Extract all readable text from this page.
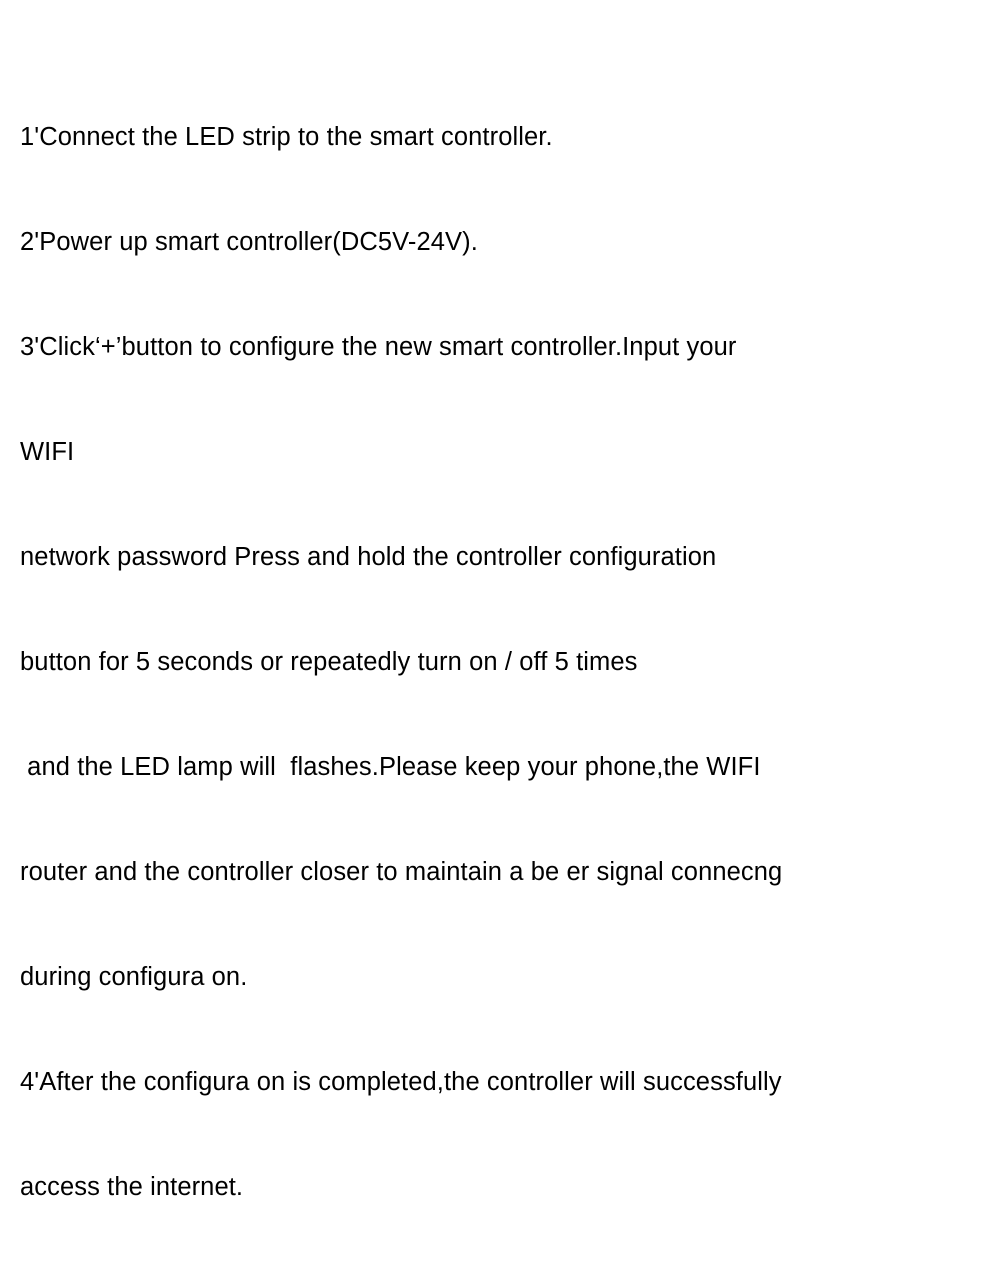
1'Connect the LED strip to the smart controller.

2'Power up smart controller(DC5V-24V).

3'Click‘+’button to configure the new smart controller.Input your

WIFI

network password Press and hold the controller configuration

button for 5 seconds or repeatedly turn on / off 5 times

and the LED lamp will  flashes.Please keep your phone,the WIFI

router and the controller closer to maintain a be er signal connecng

during configura on.

4'After the configura on is completed,the controller will successfully

access the internet.
